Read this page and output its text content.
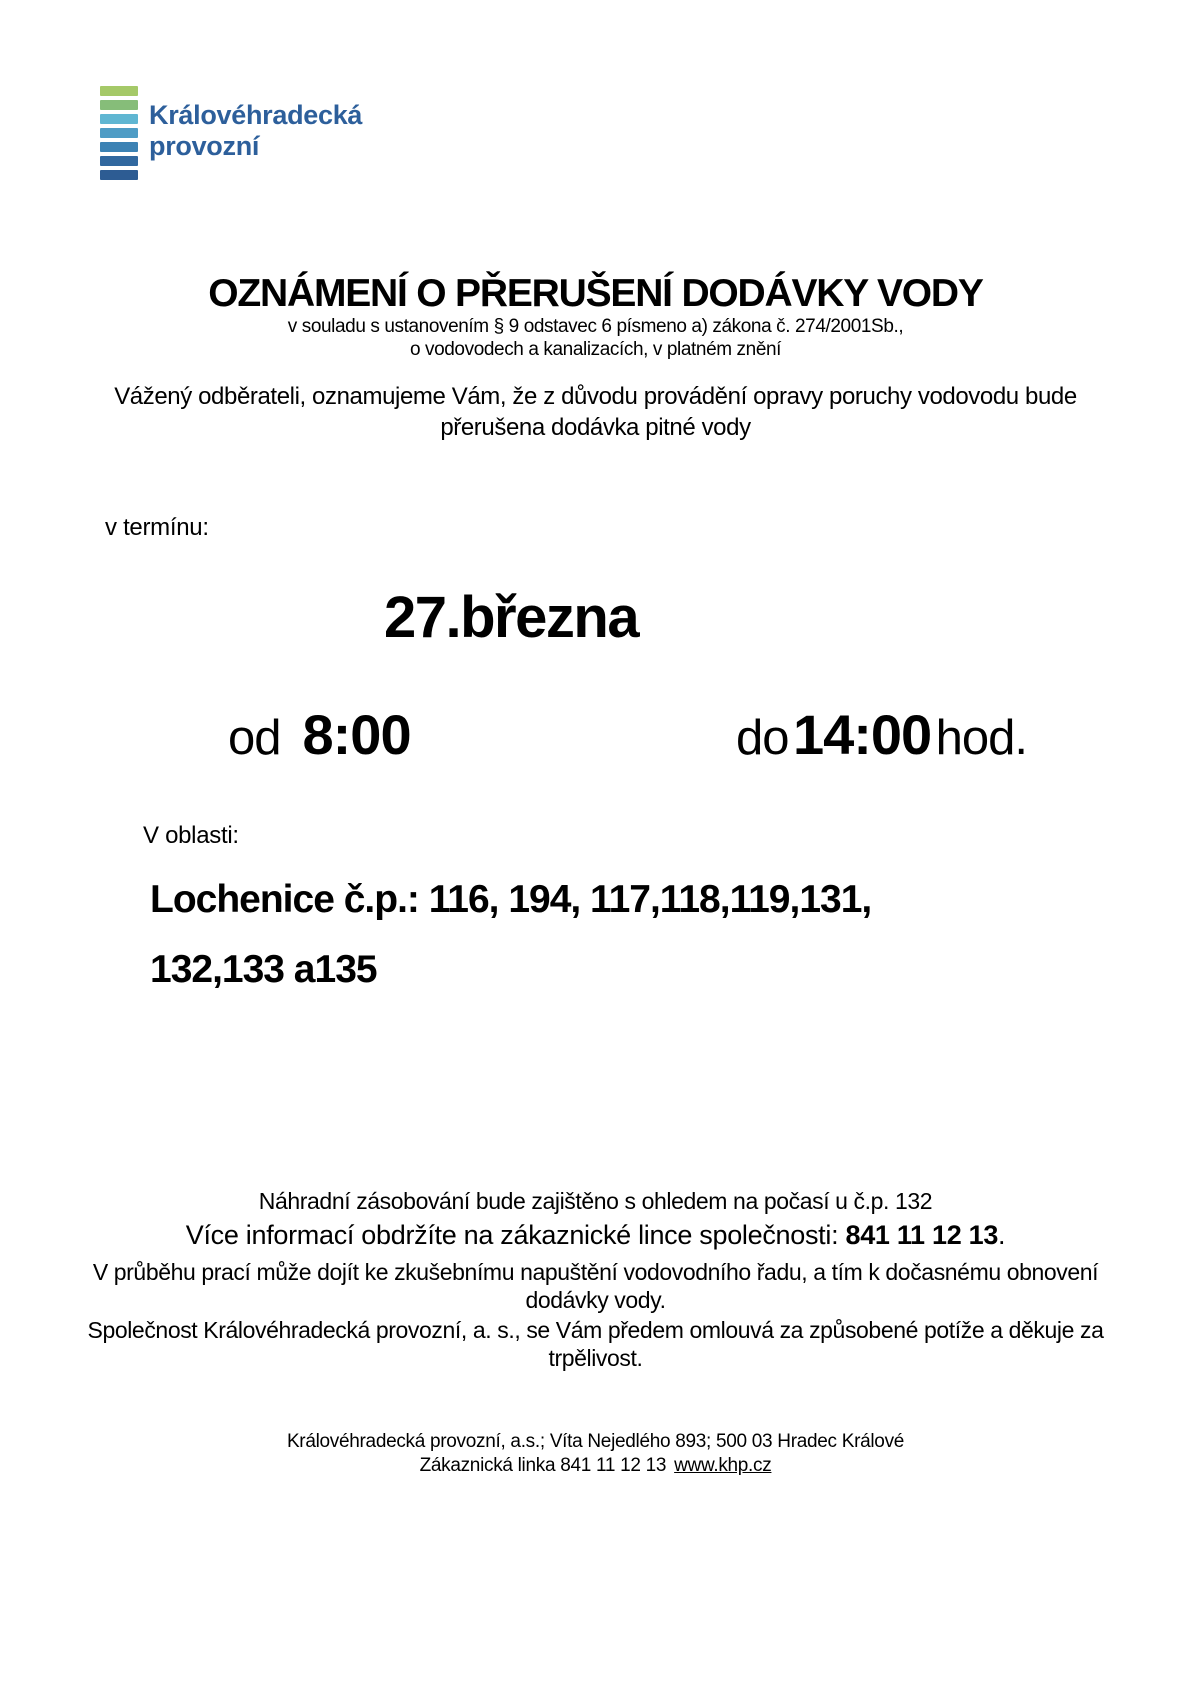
Královéhradecká
provozní
OZNÁMENÍ O PŘERUŠENÍ DODÁVKY VODY
v souladu s ustanovením § 9 odstavec 6 písmeno a) zákona č. 274/2001Sb.,
o vodovodech a kanalizacích, v platném znění
Vážený odběrateli, oznamujeme Vám, že z důvodu provádění opravy poruchy vodovodu bude
přerušena dodávka pitné vody
v termínu:
27.března
od 8:00	do 14:00 hod.
V oblasti:
Lochenice č.p.: 116, 194, 117,118,119,131,
132,133 a135
Náhradní zásobování bude zajištěno s ohledem na počasí u č.p. 132
Více informací obdržíte na zákaznické lince společnosti: 841 11 12 13.
V průběhu prací může dojít ke zkušebnímu napuštění vodovodního řadu, a tím k dočasnému obnovení
dodávky vody.
Společnost Královéhradecká provozní, a. s., se Vám předem omlouvá za způsobené potíže a děkuje za
trpělivost.
Královéhradecká provozní, a.s.; Víta Nejedlého 893; 500 03 Hradec Králové
Zákaznická linka 841 11 12 13 www.khp.cz
